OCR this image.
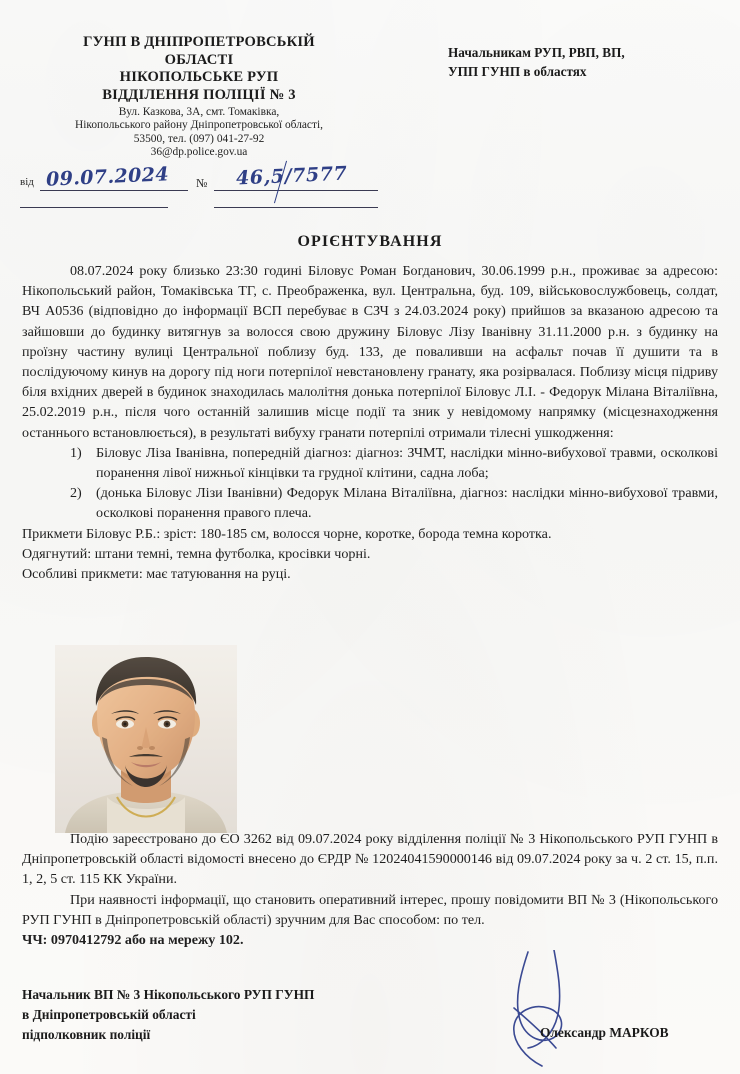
ГУНП В ДНІПРОПЕТРОВСЬКІЙ
ОБЛАСТІ
НІКОПОЛЬСЬКЕ РУП
ВІДДІЛЕННЯ ПОЛІЦІЇ № 3
Вул. Казкова, 3А, смт. Томаківка,
Нікопольського району Дніпропетровської області,
53500, тел. (097) 041-27-92
36@dp.police.gov.ua
Начальникам РУП, РВП, ВП,
УПП ГУНП в областях
від	№
09.07.2024	46,5/7577
ОРІЄНТУВАННЯ

08.07.2024 року близько 23:30 годині Біловус Роман Богданович, 30.06.1999 р.н., проживає за адресою: Нікопольський район, Томаківська ТГ, с. Преображенка, вул. Центральна, буд. 109, військовослужбовець, солдат, ВЧ А0536 (відповідно до інформації ВСП перебуває в СЗЧ з 24.03.2024 року) прийшов за вказаною адресою та зайшовши до будинку витягнув за волосся свою дружину Біловус Лізу Іванівну 31.11.2000 р.н. з будинку на проїзну частину вулиці Центральної поблизу буд. 133, де поваливши на асфальт почав її душити та в послідуючому кинув на дорогу під ноги потерпілої невстановлену гранату, яка розірвалася. Поблизу місця підриву біля вхідних дверей в будинок знаходилась малолітня донька потерпілої Біловус Л.І. - Федорук Мілана Віталіївна, 25.02.2019 р.н., після чого останній залишив місце події та зник у невідомому напрямку (місцезнаходження останнього встановлюється), в результаті вибуху гранати потерпілі отримали тілесні ушкодження:

1) Біловус Ліза Іванівна, попередній діагноз: діагноз: ЗЧМТ, наслідки мінно-вибухової травми, осколкові поранення лівої нижньої кінцівки та грудної клітини, садна лоба;
2) (донька Біловус Лізи Іванівни) Федорук Мілана Віталіївна, діагноз: наслідки мінно-вибухової травми, осколкові поранення правого плеча.

Прикмети Біловус Р.Б.: зріст: 180-185 см, волосся чорне, коротке, борода темна коротка.

Одягнутий: штани темні, темна футболка, кросівки чорні.

Особливі прикмети: має татуювання на руці.

Подію зареєстровано до ЄО 3262 від 09.07.2024 року відділення поліції № 3 Нікопольського РУП ГУНП в Дніпропетровській області відомості внесено до ЄРДР № 12024041590000146 від 09.07.2024 року за ч. 2 ст. 15, п.п. 1, 2, 5 ст. 115 КК України.

При наявності інформації, що становить оперативний інтерес, прошу повідомити ВП № 3 (Нікопольського РУП ГУНП в Дніпропетровській області) зручним для Вас способом: по тел.

ЧЧ: 0970412792 або на мережу 102.

Начальник ВП № 3 Нікопольського РУП ГУНП
в Дніпропетровській області
підполковник поліції	Олександр МАРКОВ
